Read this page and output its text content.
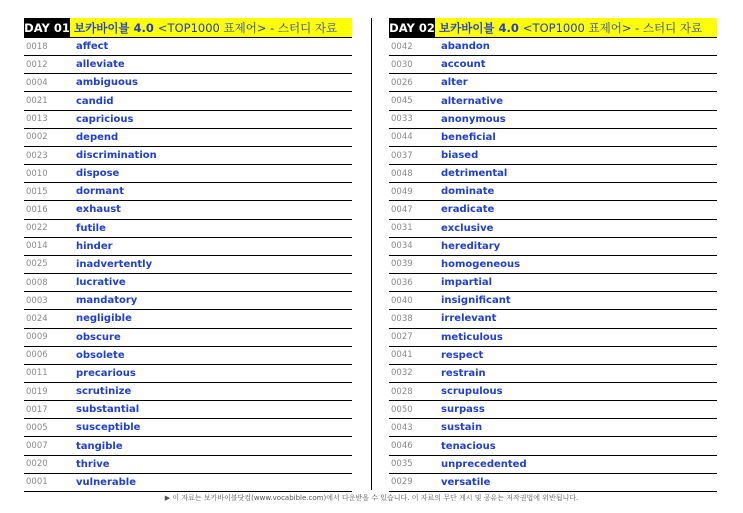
DAY 01 보카바이블 4.0 <TOP1000 표제어> - 스터디 자료
0018	affect
0012	alleviate
0004	ambiguous
0021	candid
0013	capricious
0002	depend
0023	discrimination
0010	dispose
0015	dormant
0016	exhaust
0022	futile
0014	hinder
0025	inadvertently
0008	lucrative
0003	mandatory
0024	negligible
0009	obscure
0006	obsolete
0011	precarious
0019	scrutinize
0017	substantial
0005	susceptible
0007	tangible
0020	thrive
0001	vulnerable
DAY 02 보카바이블 4.0 <TOP1000 표제어> - 스터디 자료
0042	abandon
0030	account
0026	alter
0045	alternative
0033	anonymous
0044	beneficial
0037	biased
0048	detrimental
0049	dominate
0047	eradicate
0031	exclusive
0034	hereditary
0039	homogeneous
0036	impartial
0040	insignificant
0038	irrelevant
0027	meticulous
0041	respect
0032	restrain
0028	scrupulous
0050	surpass
0043	sustain
0046	tenacious
0035	unprecedented
0029	versatile
▶ 이 자료는 보카바이블닷컴(www.vocabible.com)에서 다운받을 수 있습니다. 이 자료의 무단 게시 및 공유는 저작권법에 위반됩니다.
